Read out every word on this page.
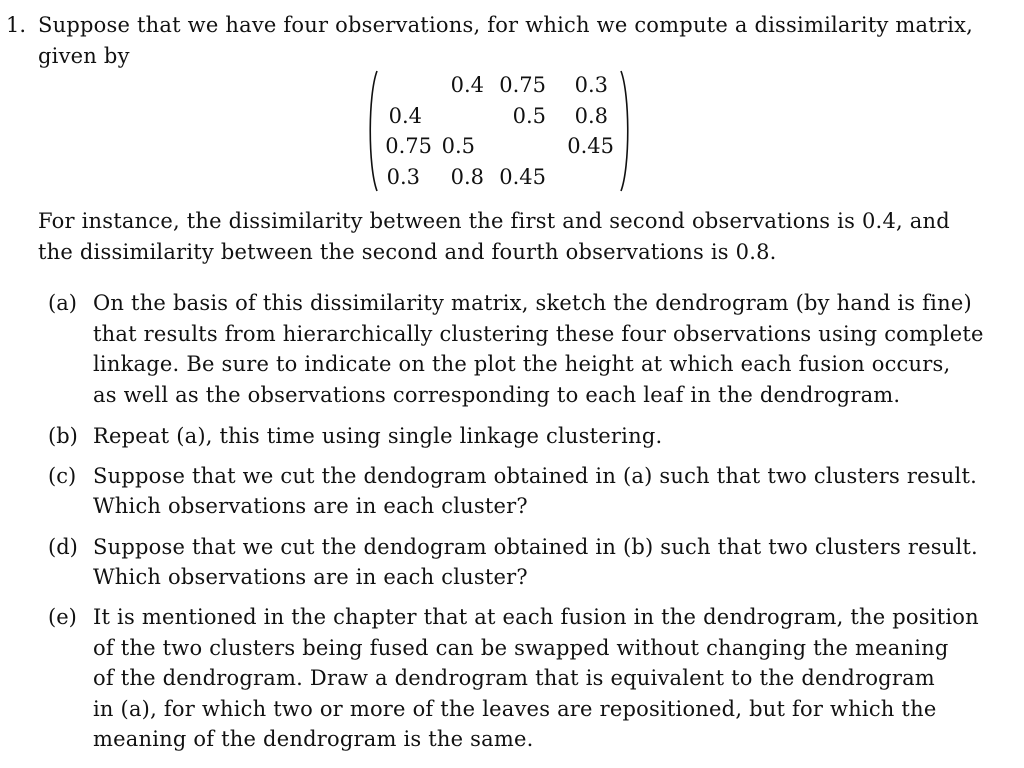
1. Suppose that we have four observations, for which we compute a dissimilarity matrix,
given by
0.4 0.75 0.3
0.4	0.5 0.8
0.75 0.5	0.45
0.3 0.8 0.45
For instance, the dissimilarity between the first and second observations is 0.4, and
the dissimilarity between the second and fourth observations is 0.8.
(a) On the basis of this dissimilarity matrix, sketch the dendrogram (by hand is fine)
that results from hierarchically clustering these four observations using complete
linkage. Be sure to indicate on the plot the height at which each fusion occurs,
as well as the observations corresponding to each leaf in the dendrogram.
(b) Repeat (a), this time using single linkage clustering.
(c) Suppose that we cut the dendogram obtained in (a) such that two clusters result.
Which observations are in each cluster?
(d) Suppose that we cut the dendogram obtained in (b) such that two clusters result.
Which observations are in each cluster?
(e) It is mentioned in the chapter that at each fusion in the dendrogram, the position
of the two clusters being fused can be swapped without changing the meaning
of the dendrogram. Draw a dendrogram that is equivalent to the dendrogram
in (a), for which two or more of the leaves are repositioned, but for which the
meaning of the dendrogram is the same.
